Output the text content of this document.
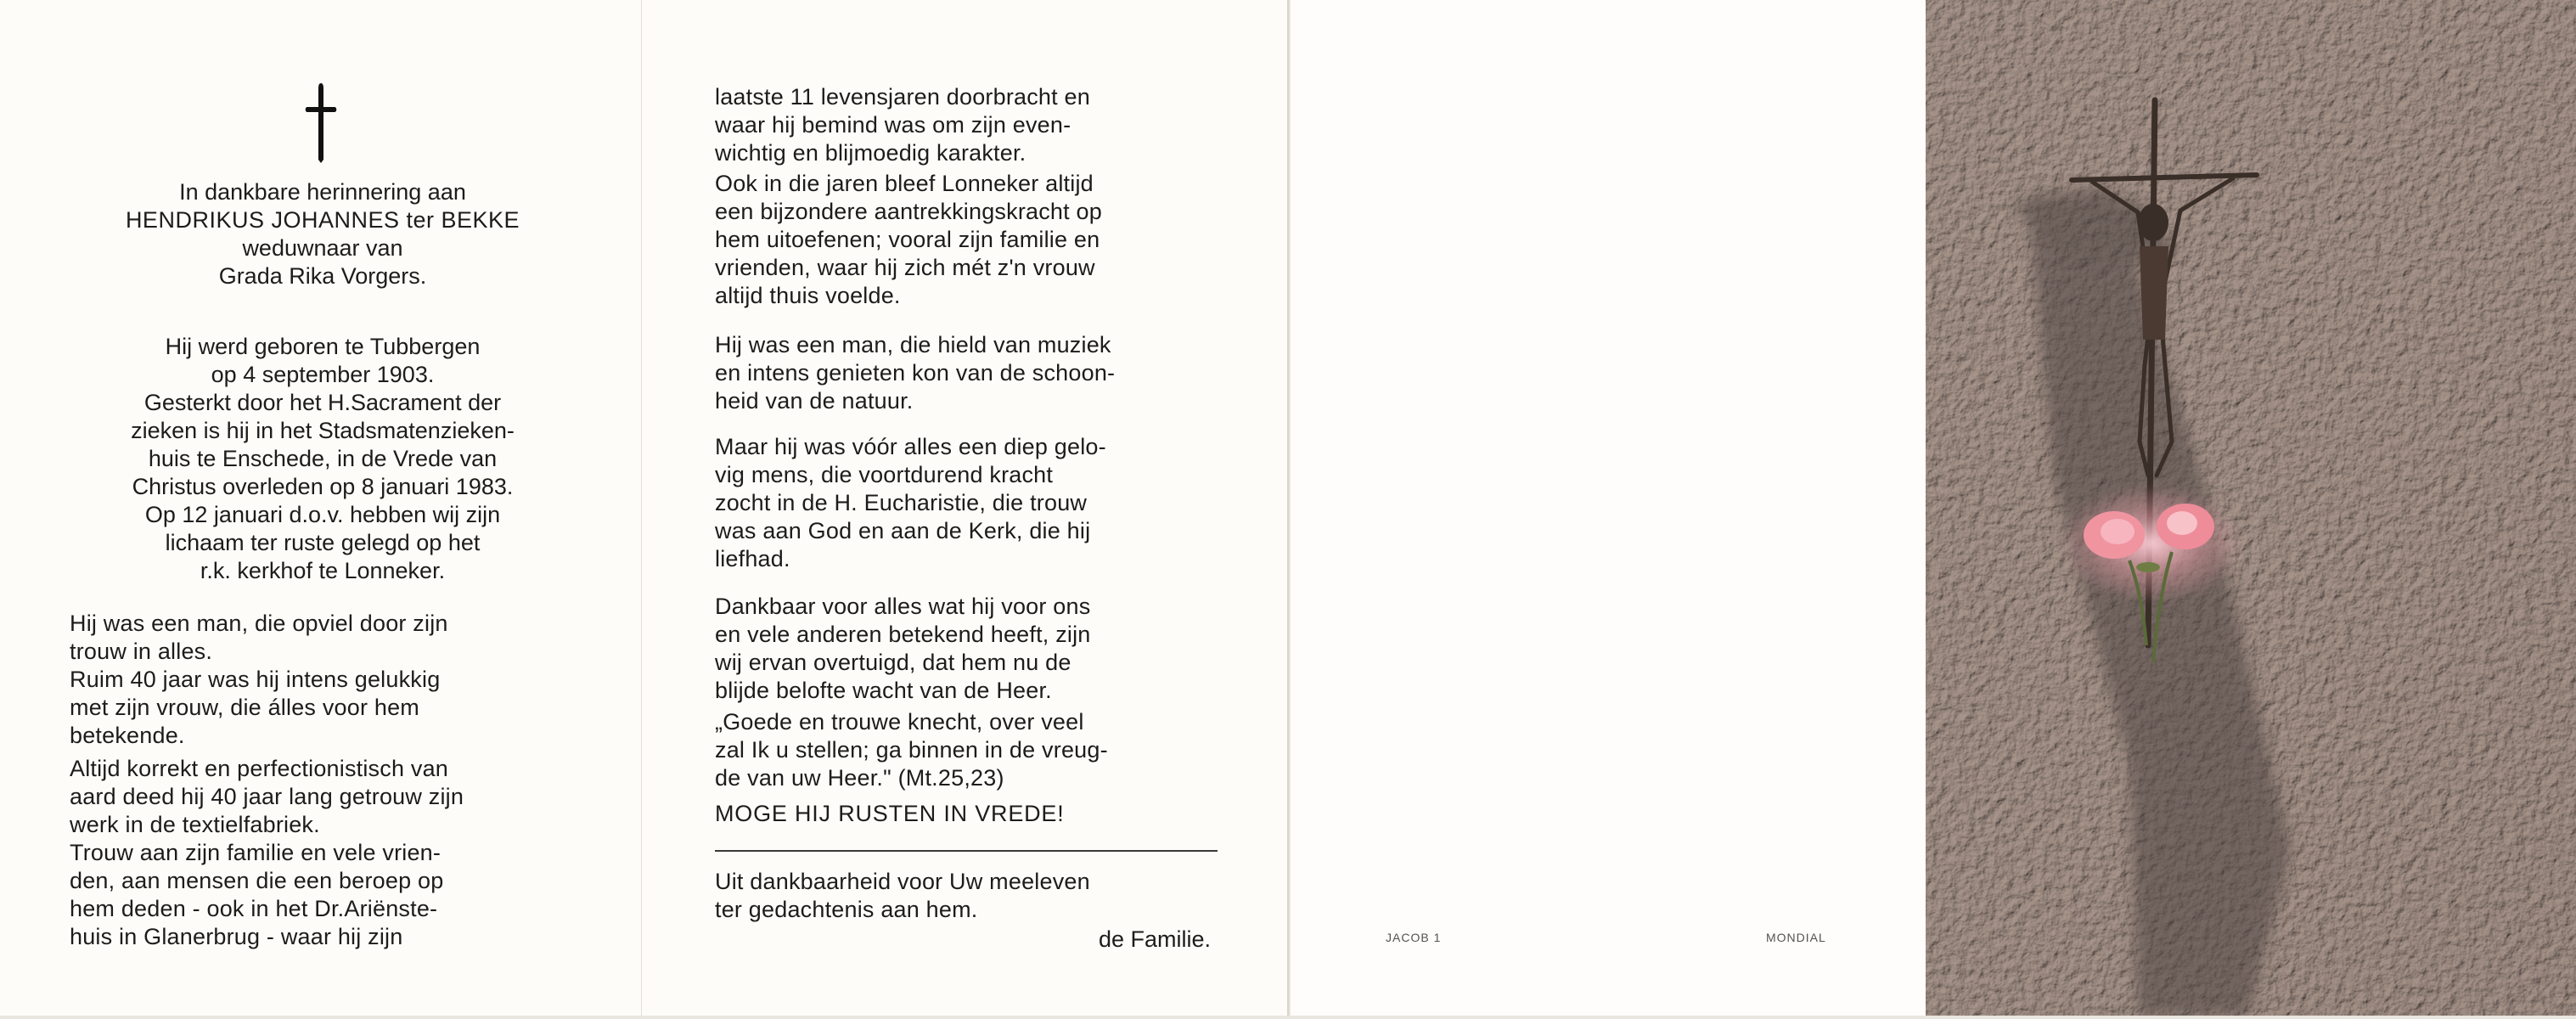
In dankbare herinnering aan
HENDRIKUS JOHANNES ter BEKKE
weduwnaar van
Grada Rika Vorgers.
Hij werd geboren te Tubbergen
op 4 september 1903.
Gesterkt door het H.Sacrament der
zieken is hij in het Stadsmatenzieken-
huis te Enschede, in de Vrede van
Christus overleden op 8 januari 1983.
Op 12 januari d.o.v. hebben wij zijn
lichaam ter ruste gelegd op het
r.k. kerkhof te Lonneker.
Hij was een man, die opviel door zijn
trouw in alles.
Ruim 40 jaar was hij intens gelukkig
met zijn vrouw, die álles voor hem
betekende.
Altijd korrekt en perfectionistisch van
aard deed hij 40 jaar lang getrouw zijn
werk in de textielfabriek.
Trouw aan zijn familie en vele vrien-
den, aan mensen die een beroep op
hem deden - ook in het Dr.Ariënste-
huis in Glanerbrug - waar hij zijn
laatste 11 levensjaren doorbracht en
waar hij bemind was om zijn even-
wichtig en blijmoedig karakter.
Ook in die jaren bleef Lonneker altijd
een bijzondere aantrekkingskracht op
hem uitoefenen; vooral zijn familie en
vrienden, waar hij zich mét z'n vrouw
altijd thuis voelde.
Hij was een man, die hield van muziek
en intens genieten kon van de schoon-
heid van de natuur.
Maar hij was vóór alles een diep gelo-
vig mens, die voortdurend kracht
zocht in de H. Eucharistie, die trouw
was aan God en aan de Kerk, die hij
liefhad.
Dankbaar voor alles wat hij voor ons
en vele anderen betekend heeft, zijn
wij ervan overtuigd, dat hem nu de
blijde belofte wacht van de Heer.
„Goede en trouwe knecht, over veel
zal Ik u stellen; ga binnen in de vreug-
de van uw Heer." (Mt.25,23)

MOGE HIJ RUSTEN IN VREDE!

Uit dankbaarheid voor Uw meeleven
ter gedachtenis aan hem.

de Familie.	JACOB 1	MONDIAL
